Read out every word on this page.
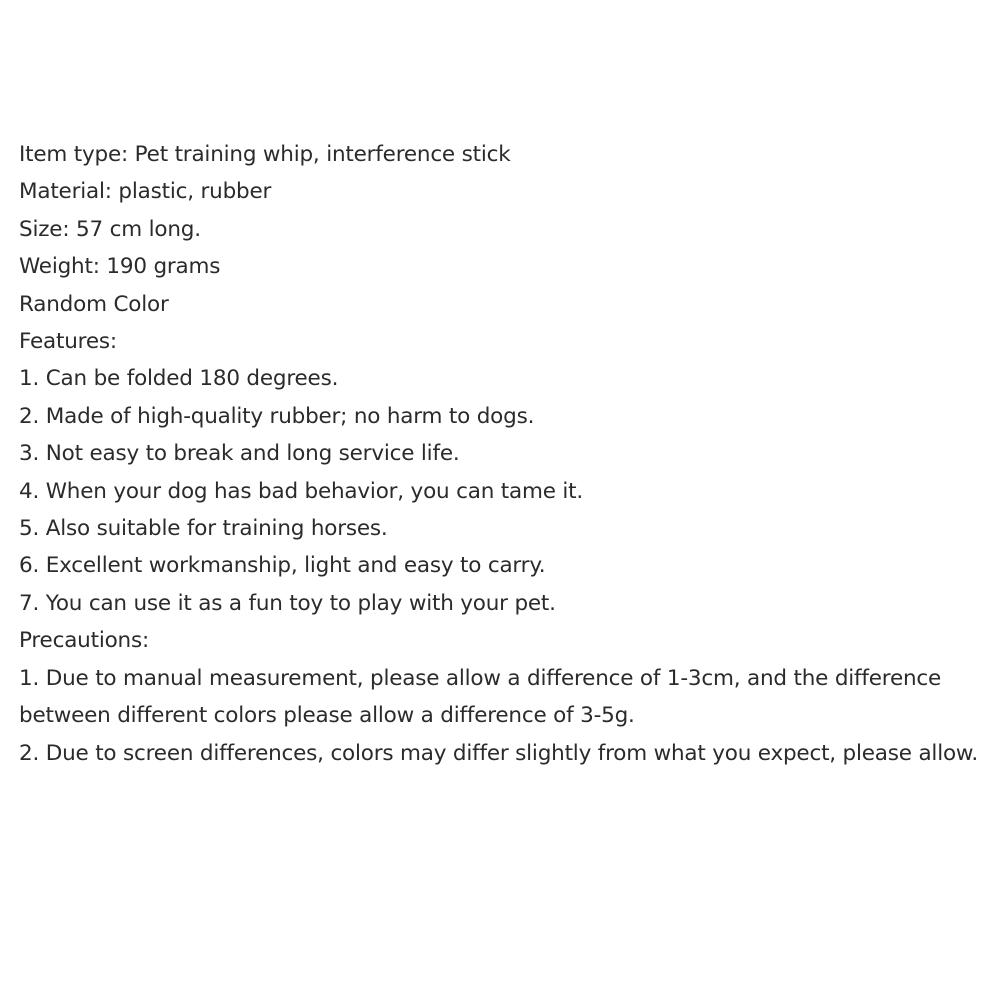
Item type: Pet training whip, interference stick
Material: plastic, rubber
Size: 57 cm long.
Weight: 190 grams
Random Color
Features:
1. Can be folded 180 degrees.
2. Made of high-quality rubber; no harm to dogs.
3. Not easy to break and long service life.
4. When your dog has bad behavior, you can tame it.
5. Also suitable for training horses.
6. Excellent workmanship, light and easy to carry.
7. You can use it as a fun toy to play with your pet.
Precautions:
1. Due to manual measurement, please allow a difference of 1-3cm, and the difference between different colors please allow a difference of 3-5g.
2. Due to screen differences, colors may differ slightly from what you expect, please allow.
